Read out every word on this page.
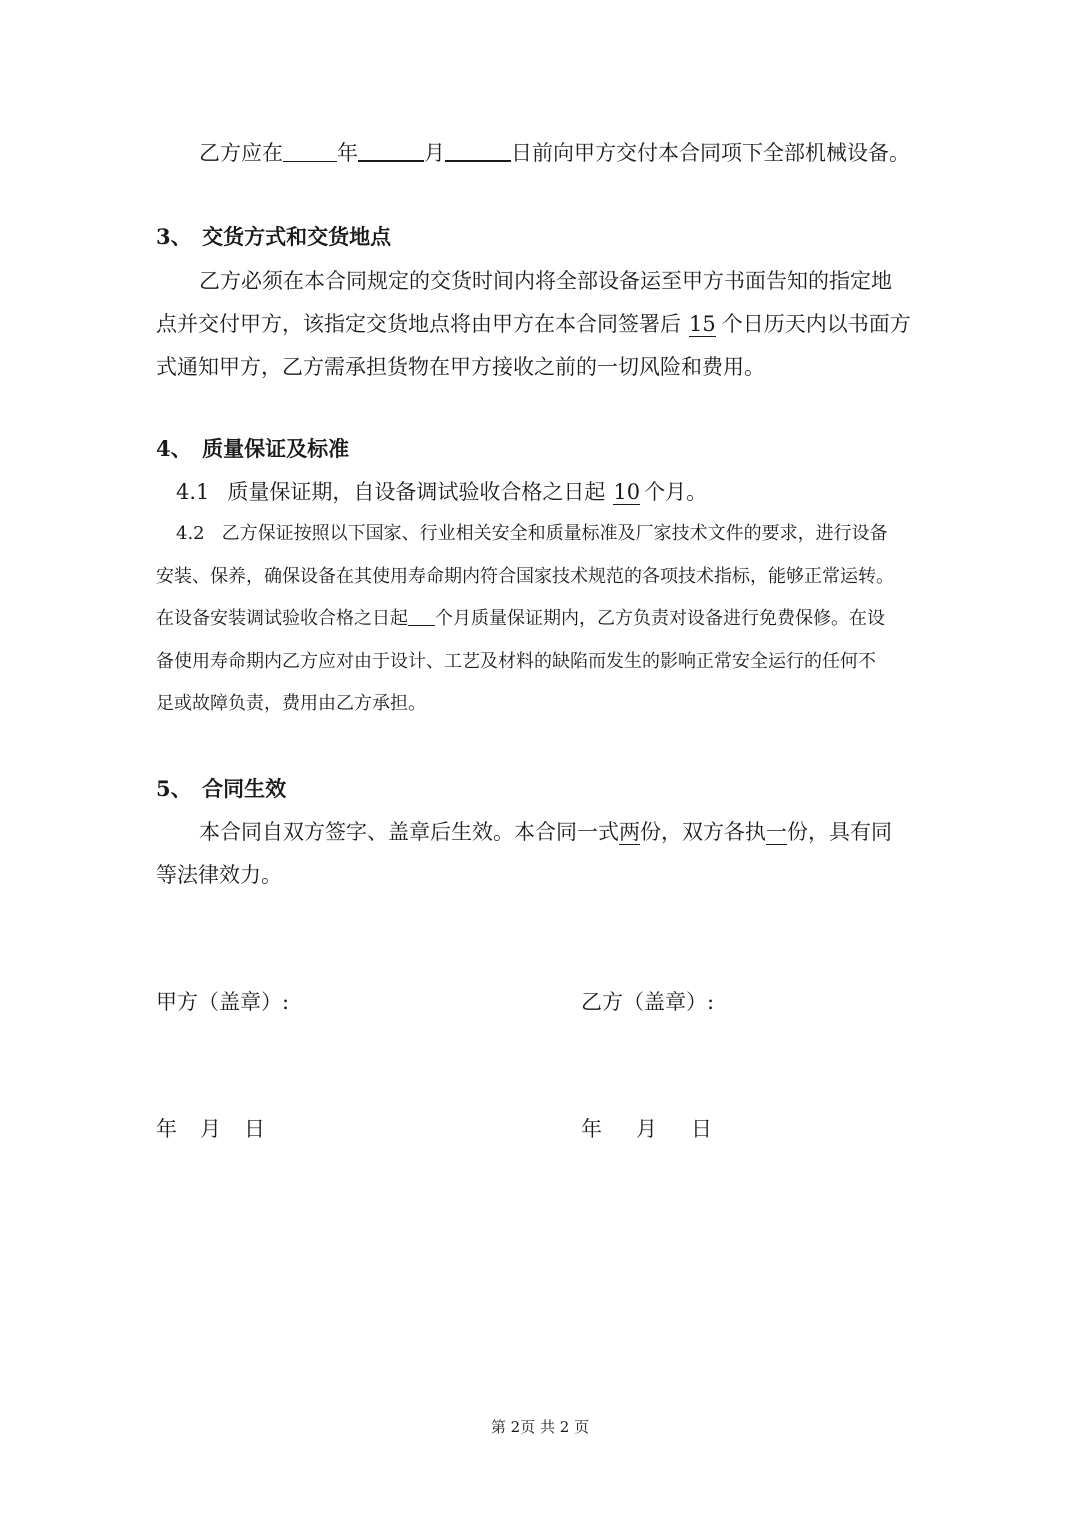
乙方应在	年	月	日前向甲方交付本合同项下全部机械设备。
3、　交货方式和交货地点
乙方必须在本合同规定的交货时间内将全部设备运至甲方书面告知的指定地
点并交付甲方，该指定交货地点将由甲方在本合同签署后 15 个日历天内以书面方
式通知甲方，乙方需承担货物在甲方接收之前的一切风险和费用。
4、　质量保证及标准
4.1 质量保证期，自设备调试验收合格之日起 10 个月。
4.2 乙方保证按照以下国家、行业相关安全和质量标准及厂家技术文件的要求，进行设备
安装、保养，确保设备在其使用寿命期内符合国家技术规范的各项技术指标，能够正常运转。
在设备安装调试验收合格之日起 个月质量保证期内，乙方负责对设备进行免费保修。在设
备使用寿命期内乙方应对由于设计、工艺及材料的缺陷而发生的影响正常安全运行的任何不
足或故障负责，费用由乙方承担。
5、　合同生效
本合同自双方签字、盖章后生效。本合同一式两份，双方各执一份，具有同
等法律效力。
甲方（盖章）:	乙方（盖章）:
年 月 日	年 月 日
第 2页 共 2 页
